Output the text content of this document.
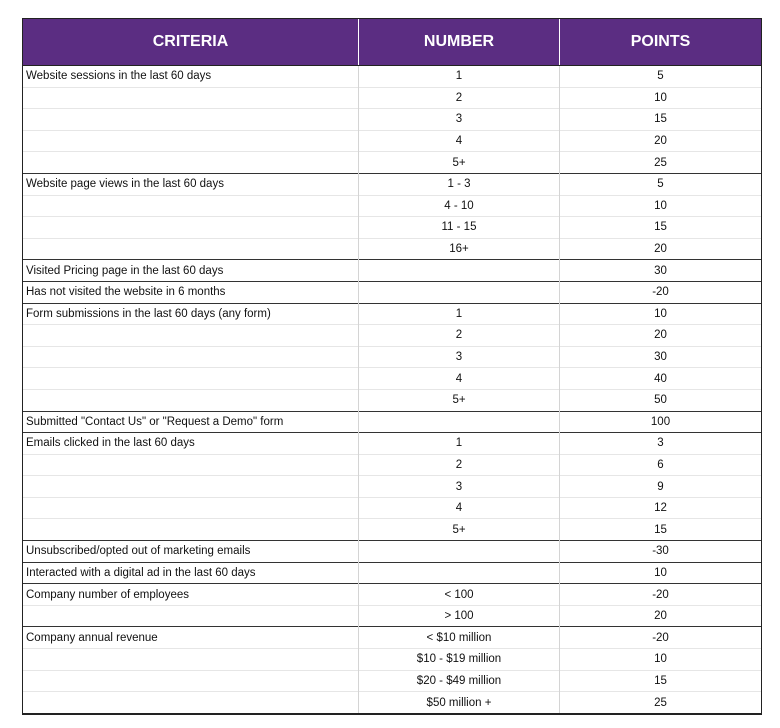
CRITERIA	NUMBER	POINTS
Website sessions in the last 60 days	1	5
	2	10
	3	15
	4	20
	5+	25
Website page views in the last 60 days	1 - 3	5
	4 - 10	10
	11 - 15	15
	16+	20
Visited Pricing page in the last 60 days		30
Has not visited the website in 6 months		-20
Form submissions in the last 60 days (any form)	1	10
	2	20
	3	30
	4	40
	5+	50
Submitted "Contact Us" or "Request a Demo" form		100
Emails clicked in the last 60 days	1	3
	2	6
	3	9
	4	12
	5+	15
Unsubscribed/opted out of marketing emails		-30
Interacted with a digital ad in the last 60 days		10
Company number of employees	< 100	-20
	> 100	20
Company annual revenue	< $10 million	-20
	$10 - $19 million	10
	$20 - $49 million	15
	$50 million +	25
